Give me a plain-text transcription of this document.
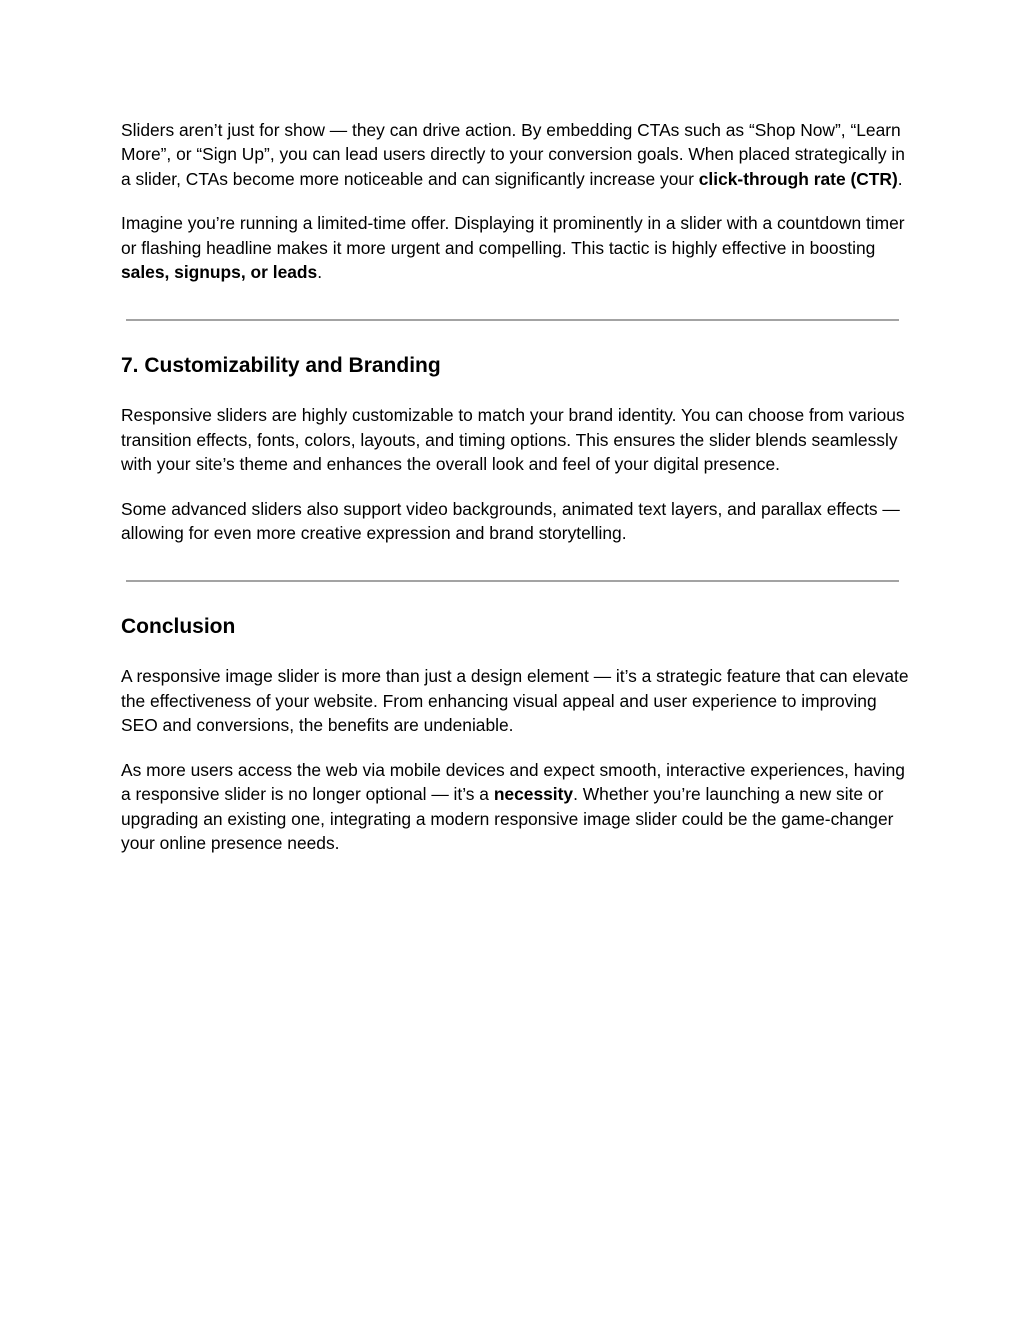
Sliders aren’t just for show — they can drive action. By embedding CTAs such as “Shop Now”, “Learn More”, or “Sign Up”, you can lead users directly to your conversion goals. When placed strategically in a slider, CTAs become more noticeable and can significantly increase your click-through rate (CTR).

Imagine you’re running a limited-time offer. Displaying it prominently in a slider with a countdown timer or flashing headline makes it more urgent and compelling. This tactic is highly effective in boosting sales, signups, or leads.

7. Customizability and Branding

Responsive sliders are highly customizable to match your brand identity. You can choose from various transition effects, fonts, colors, layouts, and timing options. This ensures the slider blends seamlessly with your site’s theme and enhances the overall look and feel of your digital presence.

Some advanced sliders also support video backgrounds, animated text layers, and parallax effects — allowing for even more creative expression and brand storytelling.

Conclusion

A responsive image slider is more than just a design element — it’s a strategic feature that can elevate the effectiveness of your website. From enhancing visual appeal and user experience to improving SEO and conversions, the benefits are undeniable.

As more users access the web via mobile devices and expect smooth, interactive experiences, having a responsive slider is no longer optional — it’s a necessity. Whether you’re launching a new site or upgrading an existing one, integrating a modern responsive image slider could be the game-changer your online presence needs.
